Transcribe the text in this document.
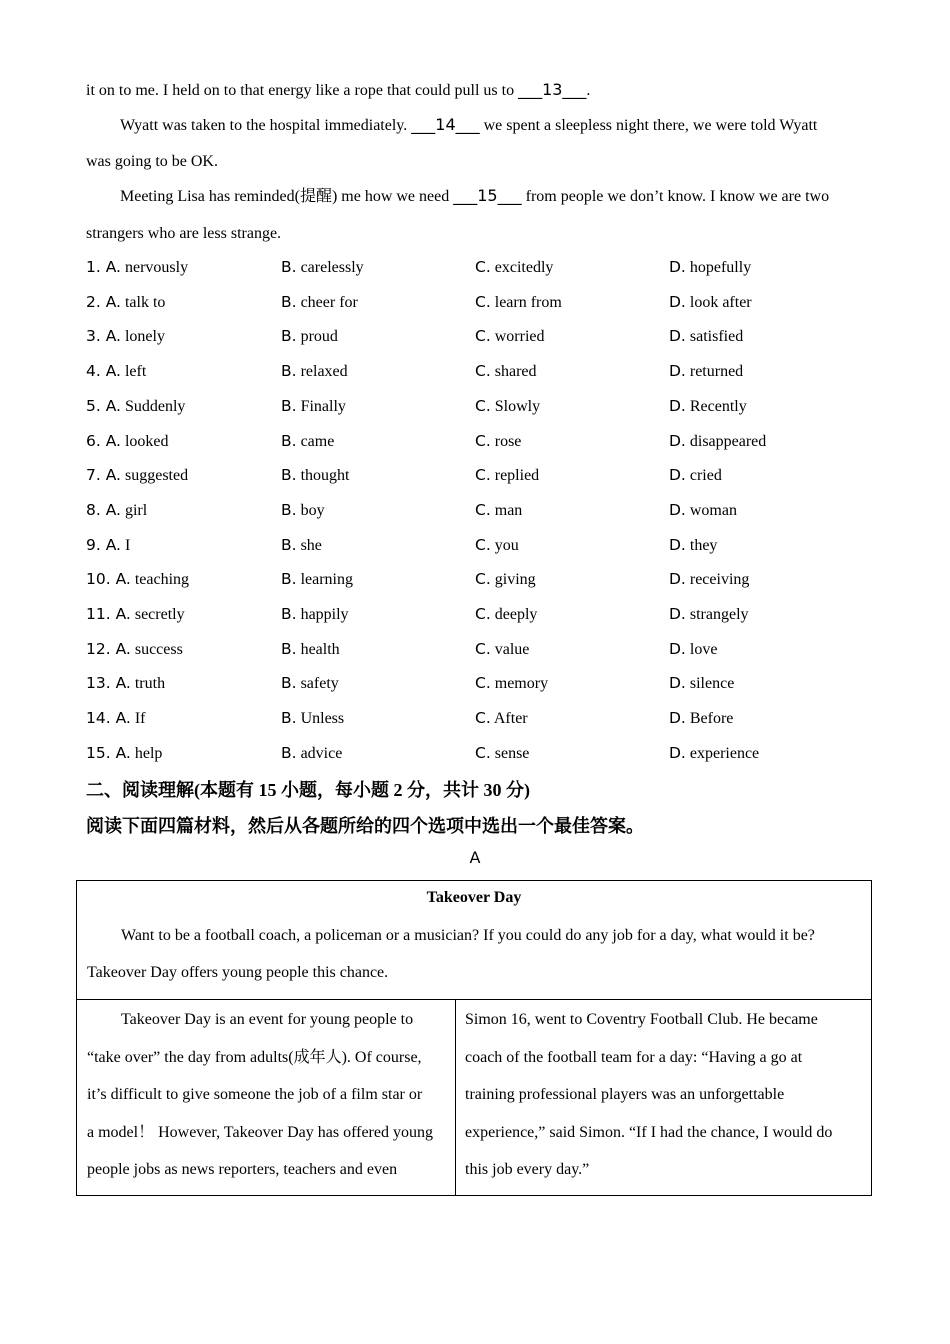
it on to me. I held on to that energy like a rope that could pull us to ___13___.
Wyatt was taken to the hospital immediately. ___14___ we spent a sleepless night there, we were told Wyatt
was going to be OK.
Meeting Lisa has reminded(提醒) me how we need ___15___ from people we don’t know. I know we are two
strangers who are less strange.
1. A. nervously	B. carelessly	C. excitedly	D. hopefully
2. A. talk to	B. cheer for	C. learn from	D. look after
3. A. lonely	B. proud	C. worried	D. satisfied
4. A. left	B. relaxed	C. shared	D. returned
5. A. Suddenly	B. Finally	C. Slowly	D. Recently
6. A. looked	B. came	C. rose	D. disappeared
7. A. suggested	B. thought	C. replied	D. cried
8. A. girl	B. boy	C. man	D. woman
9. A. I	B. she	C. you	D. they
10. A. teaching	B. learning	C. giving	D. receiving
11. A. secretly	B. happily	C. deeply	D. strangely
12. A. success	B. health	C. value	D. love
13. A. truth	B. safety	C. memory	D. silence
14. A. If	B. Unless	C. After	D. Before
15. A. help	B. advice	C. sense	D. experience
二、阅读理解(本题有 15 小题，每小题 2 分，共计 30 分)
阅读下面四篇材料，然后从各题所给的四个选项中选出一个最佳答案。
A
Takeover Day
Want to be a football coach, a policeman or a musician? If you could do any job for a day, what would it be?
Takeover Day offers young people this chance.
Takeover Day is an event for young people to
“take over” the day from adults(成年人). Of course,
it’s difficult to give someone the job of a film star or
a model！ However, Takeover Day has offered young
people jobs as news reporters, teachers and even
Simon 16, went to Coventry Football Club. He became
coach of the football team for a day: “Having a go at
training professional players was an unforgettable
experience,” said Simon. “If I had the chance, I would do
this job every day.”
